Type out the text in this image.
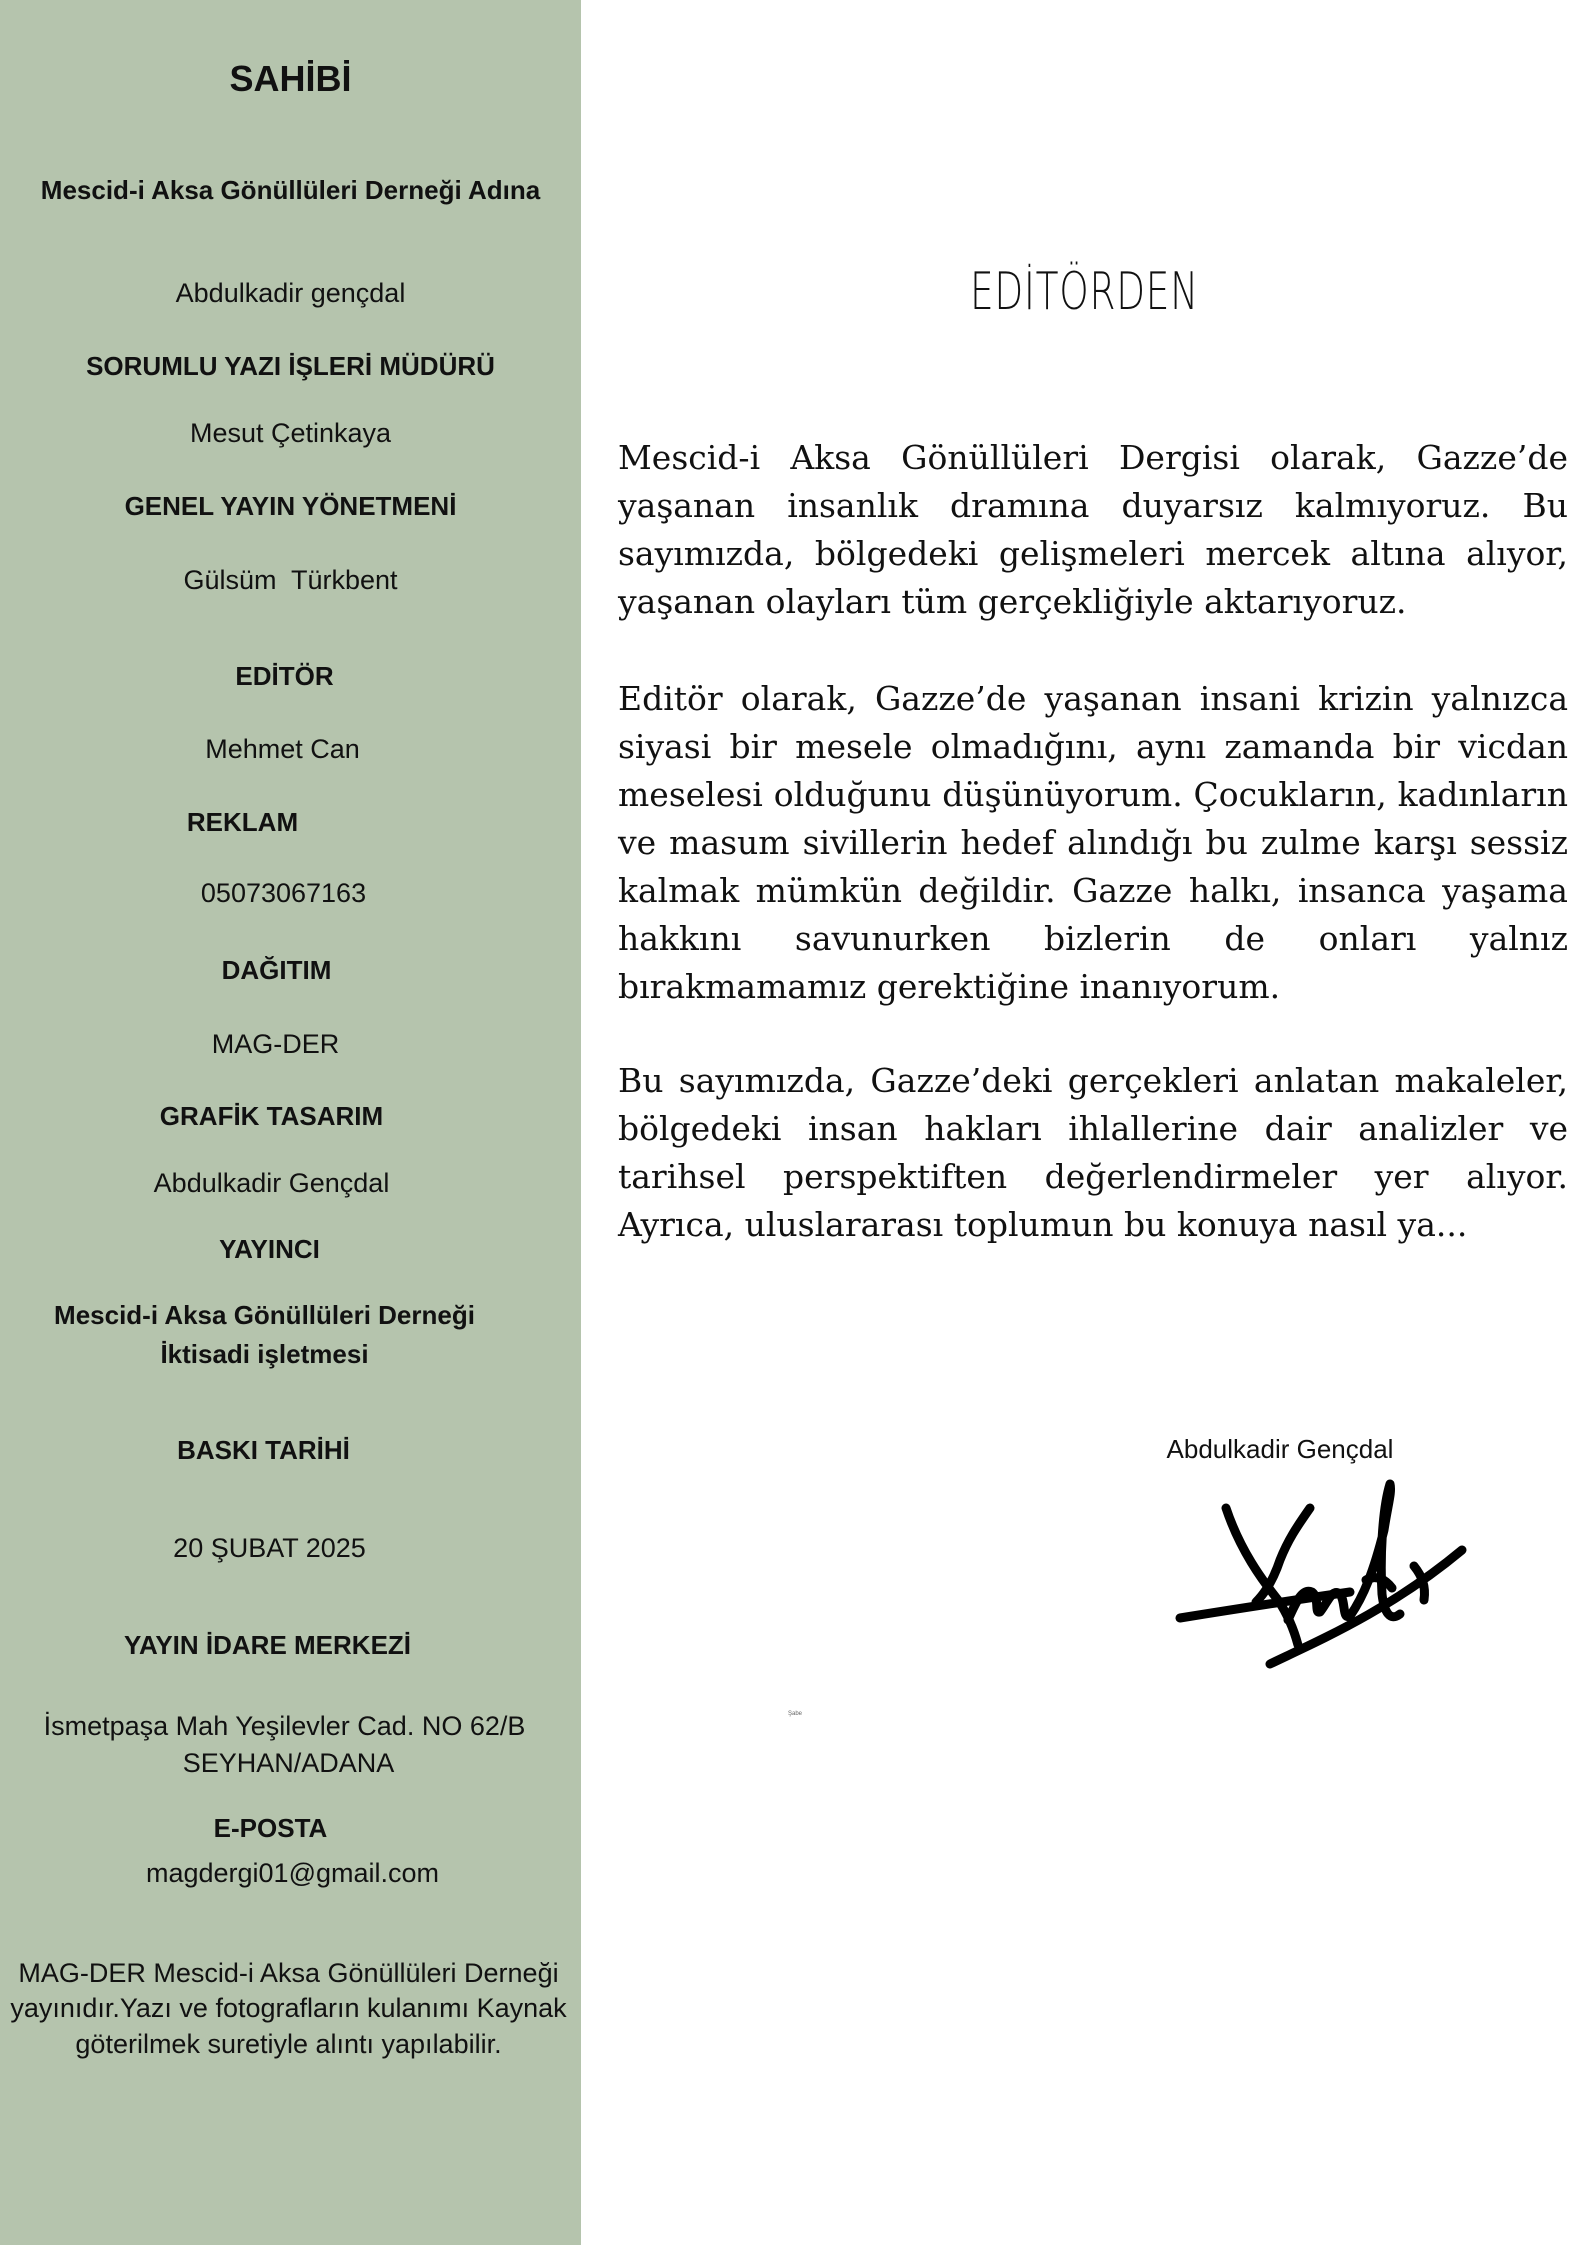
SAHİBİ
Mescid-i Aksa Gönüllüleri Derneği Adına
Abdulkadir gençdal
SORUMLU YAZI İŞLERİ MÜDÜRÜ
Mesut Çetinkaya
GENEL YAYIN YÖNETMENİ
Gülsüm  Türkbent
EDİTÖR
Mehmet Can
REKLAM
05073067163
DAĞITIM
MAG-DER
GRAFİK TASARIM
Abdulkadir Gençdal
YAYINCI
Mescid-i Aksa Gönüllüleri Derneği
İktisadi işletmesi
BASKI TARİHİ
20 ŞUBAT 2025
YAYIN İDARE MERKEZİ
İsmetpaşa Mah Yeşilevler Cad. NO 62/B
SEYHAN/ADANA
E-POSTA
magdergi01@gmail.com
MAG-DER Mescid-i Aksa Gönüllüleri Derneği
yayınıdır.Yazı ve fotografların kulanımı Kaynak
göterilmek suretiyle alıntı yapılabilir.
EDİTÖRDEN
Mescid-i Aksa Gönüllüleri Dergisi olarak, Gazze’de yaşanan insanlık dramına duyarsız kalmıyoruz. Bu sayımızda, bölgedeki gelişmeleri mercek altına alıyor, yaşanan olayları tüm gerçekliğiyle aktarıyoruz.
Editör olarak, Gazze’de yaşanan insani krizin yalnızca siyasi bir mesele olmadığını, aynı zamanda bir vicdan meselesi olduğunu düşünüyorum. Çocukların, kadınların ve masum sivillerin hedef alındığı bu zulme karşı sessiz kalmak mümkün değildir. Gazze halkı, insanca yaşama hakkını savunurken bizlerin de onları yalnız bırakmamamız gerektiğine inanıyorum.
Bu sayımızda, Gazze’deki gerçekleri anlatan makaleler, bölgedeki insan hakları ihlallerine dair analizler ve tarihsel perspektiften değerlendirmeler yer alıyor. Ayrıca, uluslararası toplumun bu konuya nasıl ya...
Abdulkadir Gençdal
Şabe
